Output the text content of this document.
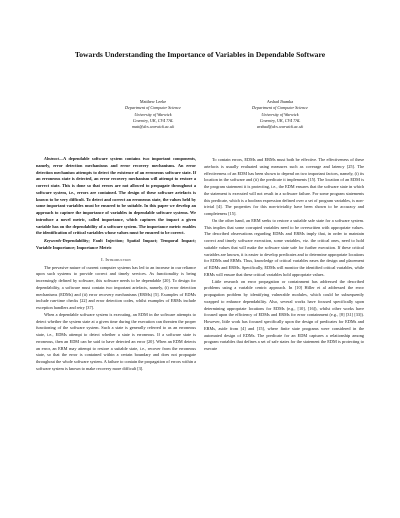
Towards Understanding the Importance of Variables in Dependable Software
Matthew Leeke
Department of Computer Science
University of Warwick
Coventry, UK, CV4 7AL
matt@dcs.warwick.ac.uk
Arshad Jhumka
Department of Computer Science
University of Warwick
Coventry, UK, CV4 7AL
arshad@dcs.warwick.ac.uk

Abstract—A dependable software system contains two important components, namely, error detection mechanisms and error recovery mechanisms. An error detection mechanism attempts to detect the existence of an erroneous software state. If an erroneous state is detected, an error recovery mechanism will attempt to restore a correct state. This is done so that errors are not allowed to propagate throughout a software system, i.e., errors are contained. The design of these software artefacts is known to be very difficult. To detect and correct an erroneous state, the values held by some important variables must be ensured to be suitable. In this paper we develop an approach to capture the importance of variables in dependable software systems. We introduce a novel metric, called importance, which captures the impact a given variable has on the dependability of a software system. The importance metric enables the identification of critical variables whose values must be ensured to be correct.

Keywords-Dependability; Fault Injection; Spatial Impact; Temporal Impact; Variable Importance; Importance Metric

I. Introduction

The pervasive nature of current computer systems has led to an increase in our reliance upon such systems to provide correct and timely services. As functionality is being increasingly defined by software, this software needs to be dependable [20]. To design for dependability, a software must contain two important artefacts, namely, (i) error detection mechanisms (EDMs) and (ii) error recovery mechanisms (ERMs) [5]. Examples of EDMs include run-time checks [22] and error detection codes, whilst examples of ERMs include exception handlers and retry [37].

When a dependable software system is executing, an EDM in the software attempts to detect whether the system state at a given time during the execution can threaten the proper functioning of the software system. Such a state is generally referred to as an erroneous state, i.e., EDMs attempt to detect whether a state is erroneous. If a software state is erroneous, then an EDM can be said to have detected an error [20]. When an EDM detects an error, an ERM may attempt to restore a suitable state, i.e., recover from the erroneous state, so that the error is contained within a certain boundary and does not propagate throughout the whole software system. A failure to contain the propagation of errors within a software system is known to make recovery more difficult [3].

To contain errors, EDMs and ERMs must both be effective. The effectiveness of these artefacts is usually evaluated using measures such as coverage and latency [25]. The effectiveness of an EDM has been shown to depend on two important factors, namely, (i) its location in the software and (ii) the predicate it implements [15]. The location of an EDM is the program statement it is protecting, i.e., the EDM ensures that the software state in which the statement is executed will not result in a software failure. For some program statements this predicate, which is a boolean expression defined over a set of program variables, is non-trivial [4]. The properties for this non-triviality have been shown to be accuracy and completeness [15].

On the other hand, an ERM seeks to restore a suitable safe state for a software system. This implies that some corrupted variables need to be overwritten with appropriate values. The described observations regarding EDMs and ERMs imply that, in order to maintain correct and timely software execution, some variables, viz. the critical ones, need to hold suitable values that will make the software state safe for further execution. If these critical variables are known, it is easier to develop predicates and to determine appropriate locations for EDMs and ERMs. Thus, knowledge of critical variables eases the design and placement of EDMs and ERMs. Specifically, EDMs will monitor the identified critical variables, while ERMs will ensure that these critical variables hold appropriate values.

Little research on error propagation or containment has addressed the described problems using a variable centric approach. In [10] Hiller et al addressed the error propagation problem by identifying vulnerable modules, which could be subsequently wrapped to enhance dependability. Also, several works have focused specifically upon determining appropriate locations for EDMs (e.g., [10], [16]), whilst other works have focused upon the efficiency of EDMs and ERMs for error containment (e.g., [8] [31] [33]). However, little work has focused specifically upon the design of predicates for EDMs and ERMs, aside from [4] and [15], where finite state programs were considered in the automated design of EDMs. The predicate for an EDM captures a relationship among program variables that defines a set of safe states for the statement the EDM is protecting to execute
